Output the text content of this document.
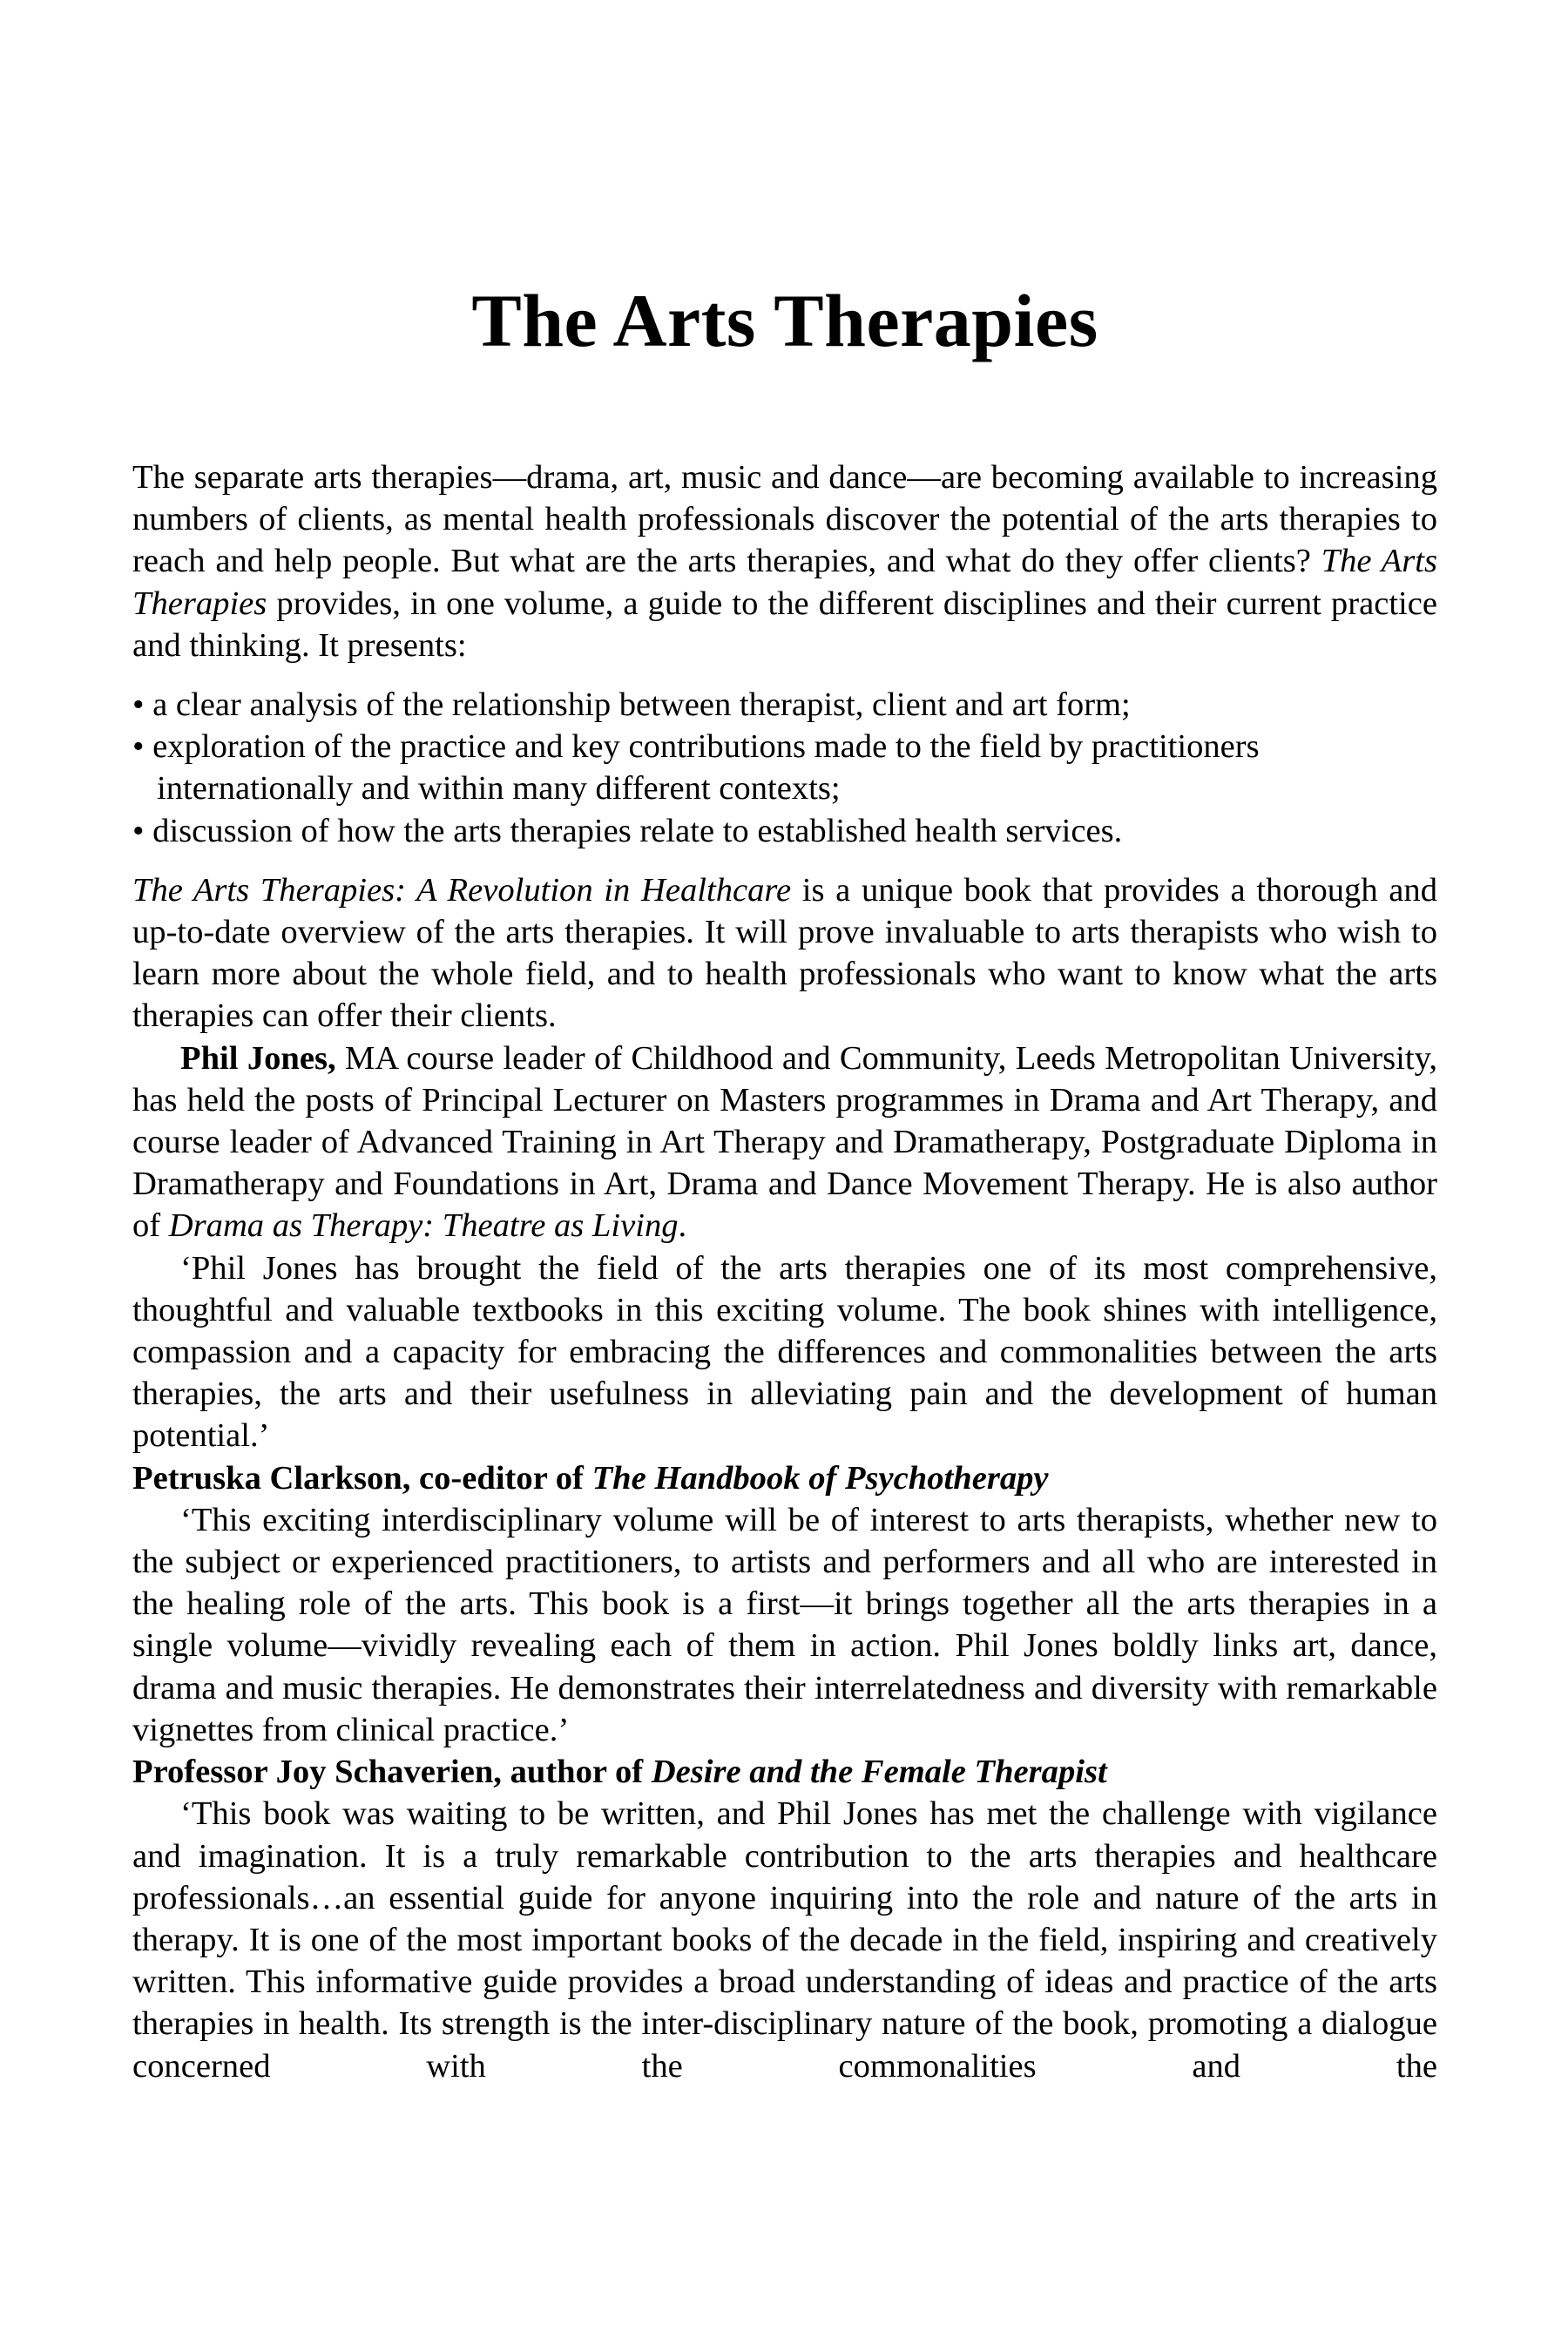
The Arts Therapies

The separate arts therapies—drama, art, music and dance—are becoming available to increasing numbers of clients, as mental health professionals discover the potential of the arts therapies to reach and help people. But what are the arts therapies, and what do they offer clients? The Arts Therapies provides, in one volume, a guide to the different disciplines and their current practice and thinking. It presents:

• a clear analysis of the relationship between therapist, client and art form;
• exploration of the practice and key contributions made to the field by practitioners internationally and within many different contexts;
• discussion of how the arts therapies relate to established health services.

The Arts Therapies: A Revolution in Healthcare is a unique book that provides a thorough and up-to-date overview of the arts therapies. It will prove invaluable to arts therapists who wish to learn more about the whole field, and to health professionals who want to know what the arts therapies can offer their clients.

Phil Jones, MA course leader of Childhood and Community, Leeds Metropolitan University, has held the posts of Principal Lecturer on Masters programmes in Drama and Art Therapy, and course leader of Advanced Training in Art Therapy and Dramatherapy, Postgraduate Diploma in Dramatherapy and Foundations in Art, Drama and Dance Movement Therapy. He is also author of Drama as Therapy: Theatre as Living.

‘Phil Jones has brought the field of the arts therapies one of its most comprehensive, thoughtful and valuable textbooks in this exciting volume. The book shines with intelligence, compassion and a capacity for embracing the differences and commonalities between the arts therapies, the arts and their usefulness in alleviating pain and the development of human potential.’

Petruska Clarkson, co-editor of The Handbook of Psychotherapy

‘This exciting interdisciplinary volume will be of interest to arts therapists, whether new to the subject or experienced practitioners, to artists and performers and all who are interested in the healing role of the arts. This book is a first—it brings together all the arts therapies in a single volume—vividly revealing each of them in action. Phil Jones boldly links art, dance, drama and music therapies. He demonstrates their interrelatedness and diversity with remarkable vignettes from clinical practice.’

Professor Joy Schaverien, author of Desire and the Female Therapist

‘This book was waiting to be written, and Phil Jones has met the challenge with vigilance and imagination. It is a truly remarkable contribution to the arts therapies and healthcare professionals…an essential guide for anyone inquiring into the role and nature of the arts in therapy. It is one of the most important books of the decade in the field, inspiring and creatively written. This informative guide provides a broad understanding of ideas and practice of the arts therapies in health. Its strength is the inter-disciplinary nature of the book, promoting a dialogue concerned with the commonalities and the
